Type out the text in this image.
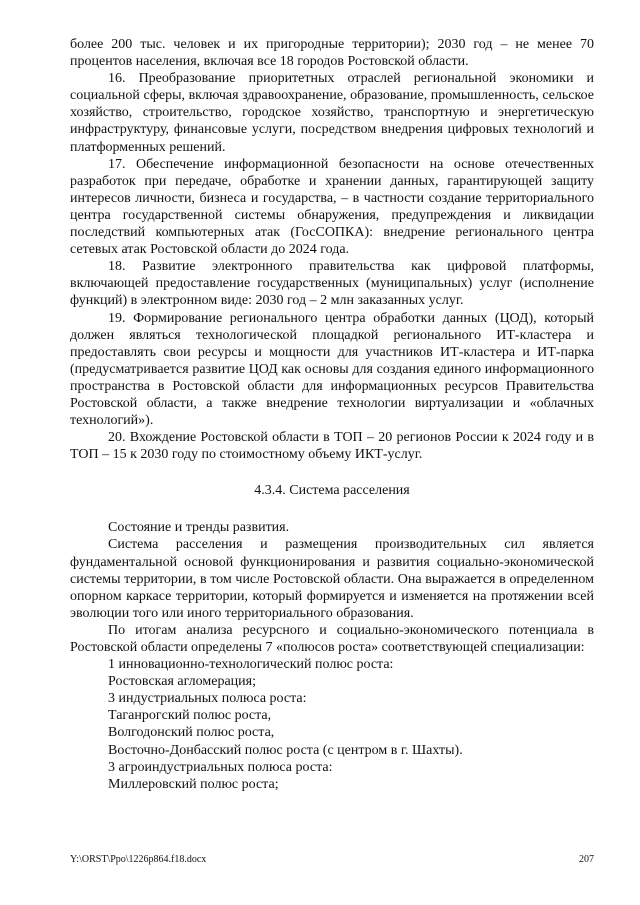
более 200 тыс. человек и их пригородные территории); 2030 год – не менее 70 процентов населения, включая все 18 городов Ростовской области.

16. Преобразование приоритетных отраслей региональной экономики и социальной сферы, включая здравоохранение, образование, промышленность, сельское хозяйство, строительство, городское хозяйство, транспортную и энергетическую инфраструктуру, финансовые услуги, посредством внедрения цифровых технологий и платформенных решений.

17. Обеспечение информационной безопасности на основе отечественных разработок при передаче, обработке и хранении данных, гарантирующей защиту интересов личности, бизнеса и государства, – в частности создание территориального центра государственной системы обнаружения, предупреждения и ликвидации последствий компьютерных атак (ГосСОПКА): внедрение регионального центра сетевых атак Ростовской области до 2024 года.

18. Развитие электронного правительства как цифровой платформы, включающей предоставление государственных (муниципальных) услуг (исполнение функций) в электронном виде: 2030 год – 2 млн заказанных услуг.

19. Формирование регионального центра обработки данных (ЦОД), который должен являться технологической площадкой регионального ИТ-кластера и предоставлять свои ресурсы и мощности для участников ИТ-кластера и ИТ-парка (предусматривается развитие ЦОД как основы для создания единого информационного пространства в Ростовской области для информационных ресурсов Правительства Ростовской области, а также внедрение технологии виртуализации и «облачных технологий»).

20. Вхождение Ростовской области в ТОП – 20 регионов России к 2024 году и в ТОП – 15 к 2030 году по стоимостному объему ИКТ-услуг.

4.3.4. Система расселения

Состояние и тренды развития.

Система расселения и размещения производительных сил является фундаментальной основой функционирования и развития социально-экономической системы территории, в том числе Ростовской области. Она выражается в определенном опорном каркасе территории, который формируется и изменяется на протяжении всей эволюции того или иного территориального образования.

По итогам анализа ресурсного и социально-экономического потенциала в Ростовской области определены 7 «полюсов роста» соответствующей специализации:

1 инновационно-технологический полюс роста:

Ростовская агломерация;

3 индустриальных полюса роста:

Таганрогский полюс роста,

Волгодонский полюс роста,

Восточно-Донбасский полюс роста (с центром в г. Шахты).

3 агроиндустриальных полюса роста:

Миллеровский полюс роста;

Y:\ORST\Ppo\1226p864.f18.docx	207
